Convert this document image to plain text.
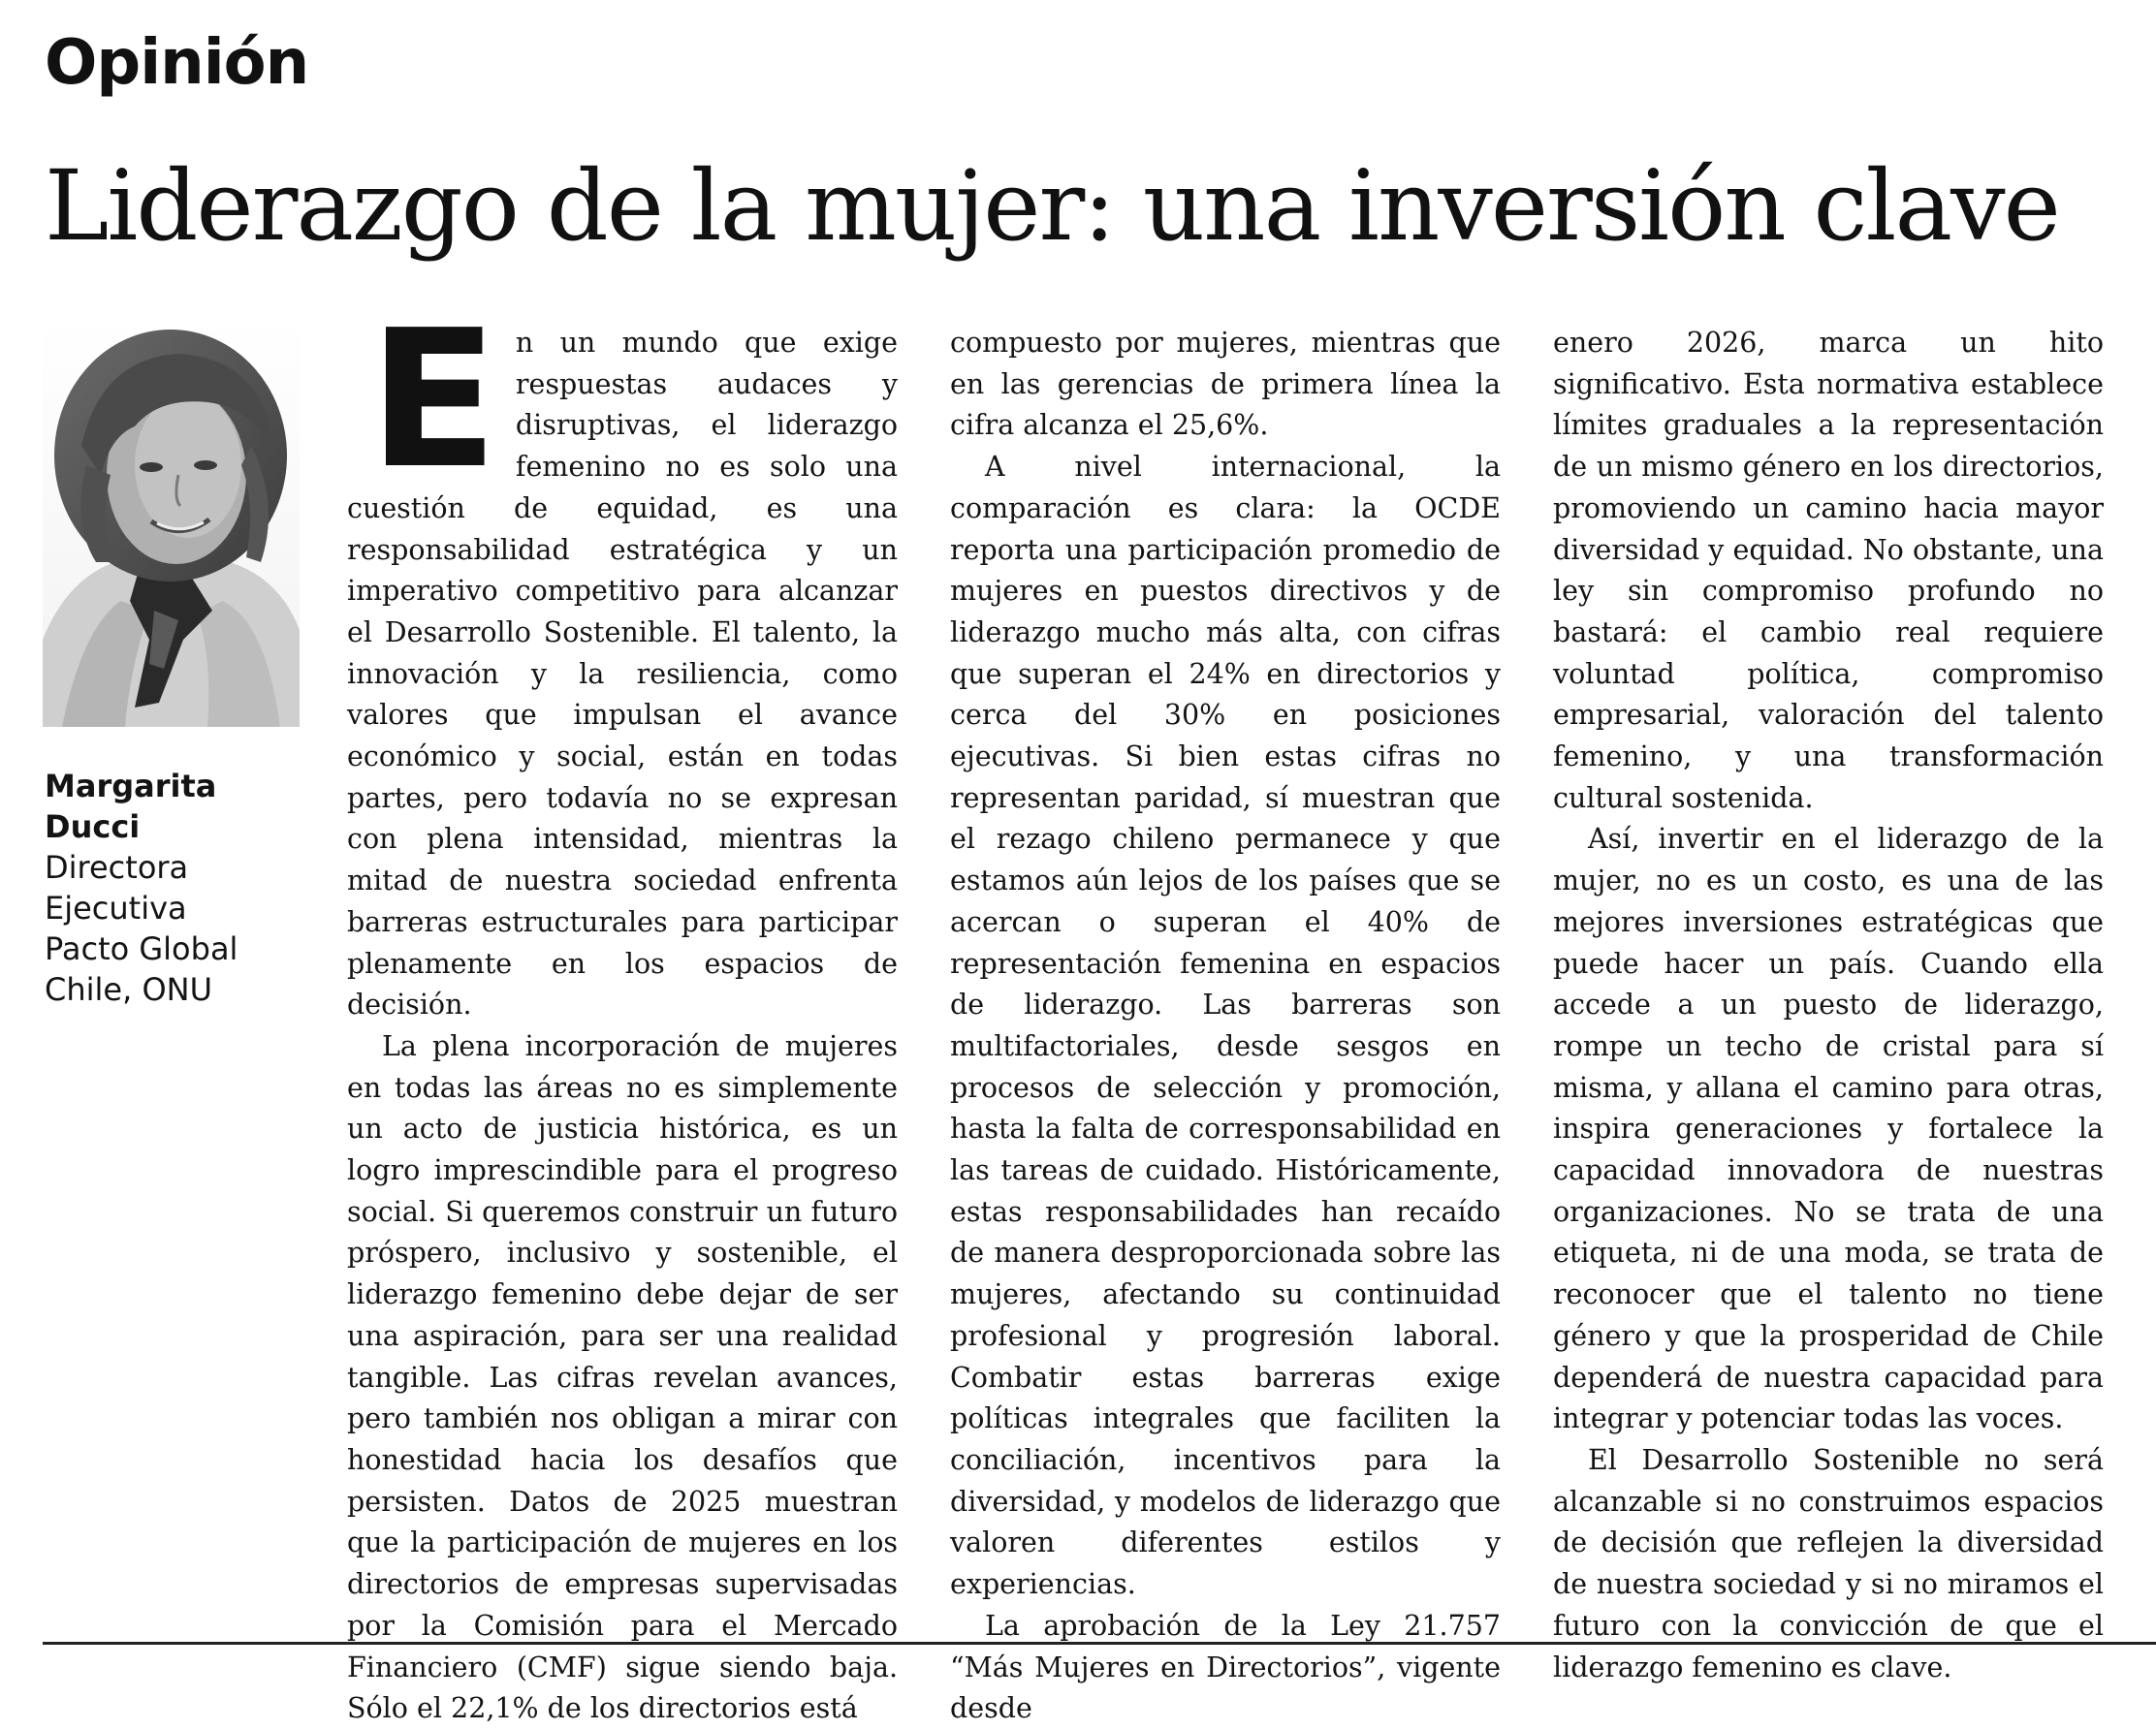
Opinión
Liderazgo de la mujer: una inversión clave
Margarita
Ducci
Directora
Ejecutiva
Pacto Global
Chile, ONU

En un mundo que exige respuestas audaces y disruptivas, el liderazgo femenino no es solo una cuestión de equidad, es una responsabilidad estratégica y un imperativo competitivo para alcanzar el Desarrollo Sostenible. El talento, la innovación y la resiliencia, como valores que impulsan el avance económico y social, están en todas partes, pero todavía no se expresan con plena intensidad, mientras la mitad de nuestra sociedad enfrenta barreras estructurales para participar plenamente en los espacios de decisión.

La plena incorporación de mujeres en todas las áreas no es simplemente un acto de justicia histórica, es un logro imprescindible para el progreso social. Si queremos construir un futuro próspero, inclusivo y sostenible, el liderazgo femenino debe dejar de ser una aspiración, para ser una realidad tangible. Las cifras revelan avances, pero también nos obligan a mirar con honestidad hacia los desafíos que persisten. Datos de 2025 muestran que la participación de mujeres en los directorios de empresas supervisadas por la Comisión para el Mercado Financiero (CMF) sigue siendo baja. Sólo el 22,1% de los directorios está

compuesto por mujeres, mientras que en las gerencias de primera línea la cifra alcanza el 25,6%.

A nivel internacional, la comparación es clara: la OCDE reporta una participación promedio de mujeres en puestos directivos y de liderazgo mucho más alta, con cifras que superan el 24% en directorios y cerca del 30% en posiciones ejecutivas. Si bien estas cifras no representan paridad, sí muestran que el rezago chileno permanece y que estamos aún lejos de los países que se acercan o superan el 40% de representación femenina en espacios de liderazgo. Las barreras son multifactoriales, desde sesgos en procesos de selección y promoción, hasta la falta de corresponsabilidad en las tareas de cuidado. Históricamente, estas responsabilidades han recaído de manera desproporcionada sobre las mujeres, afectando su continuidad profesional y progresión laboral. Combatir estas barreras exige políticas integrales que faciliten la conciliación, incentivos para la diversidad, y modelos de liderazgo que valoren diferentes estilos y experiencias.

La aprobación de la Ley 21.757 “Más Mujeres en Directorios”, vigente desde

enero 2026, marca un hito significativo. Esta normativa establece límites graduales a la representación de un mismo género en los directorios, promoviendo un camino hacia mayor diversidad y equidad. No obstante, una ley sin compromiso profundo no bastará: el cambio real requiere voluntad política, compromiso empresarial, valoración del talento femenino, y una transformación cultural sostenida.

Así, invertir en el liderazgo de la mujer, no es un costo, es una de las mejores inversiones estratégicas que puede hacer un país. Cuando ella accede a un puesto de liderazgo, rompe un techo de cristal para sí misma, y allana el camino para otras, inspira generaciones y fortalece la capacidad innovadora de nuestras organizaciones. No se trata de una etiqueta, ni de una moda, se trata de reconocer que el talento no tiene género y que la prosperidad de Chile dependerá de nuestra capacidad para integrar y potenciar todas las voces.

El Desarrollo Sostenible no será alcanzable si no construimos espacios de decisión que reflejen la diversidad de nuestra sociedad y si no miramos el futuro con la convicción de que el liderazgo femenino es clave.
